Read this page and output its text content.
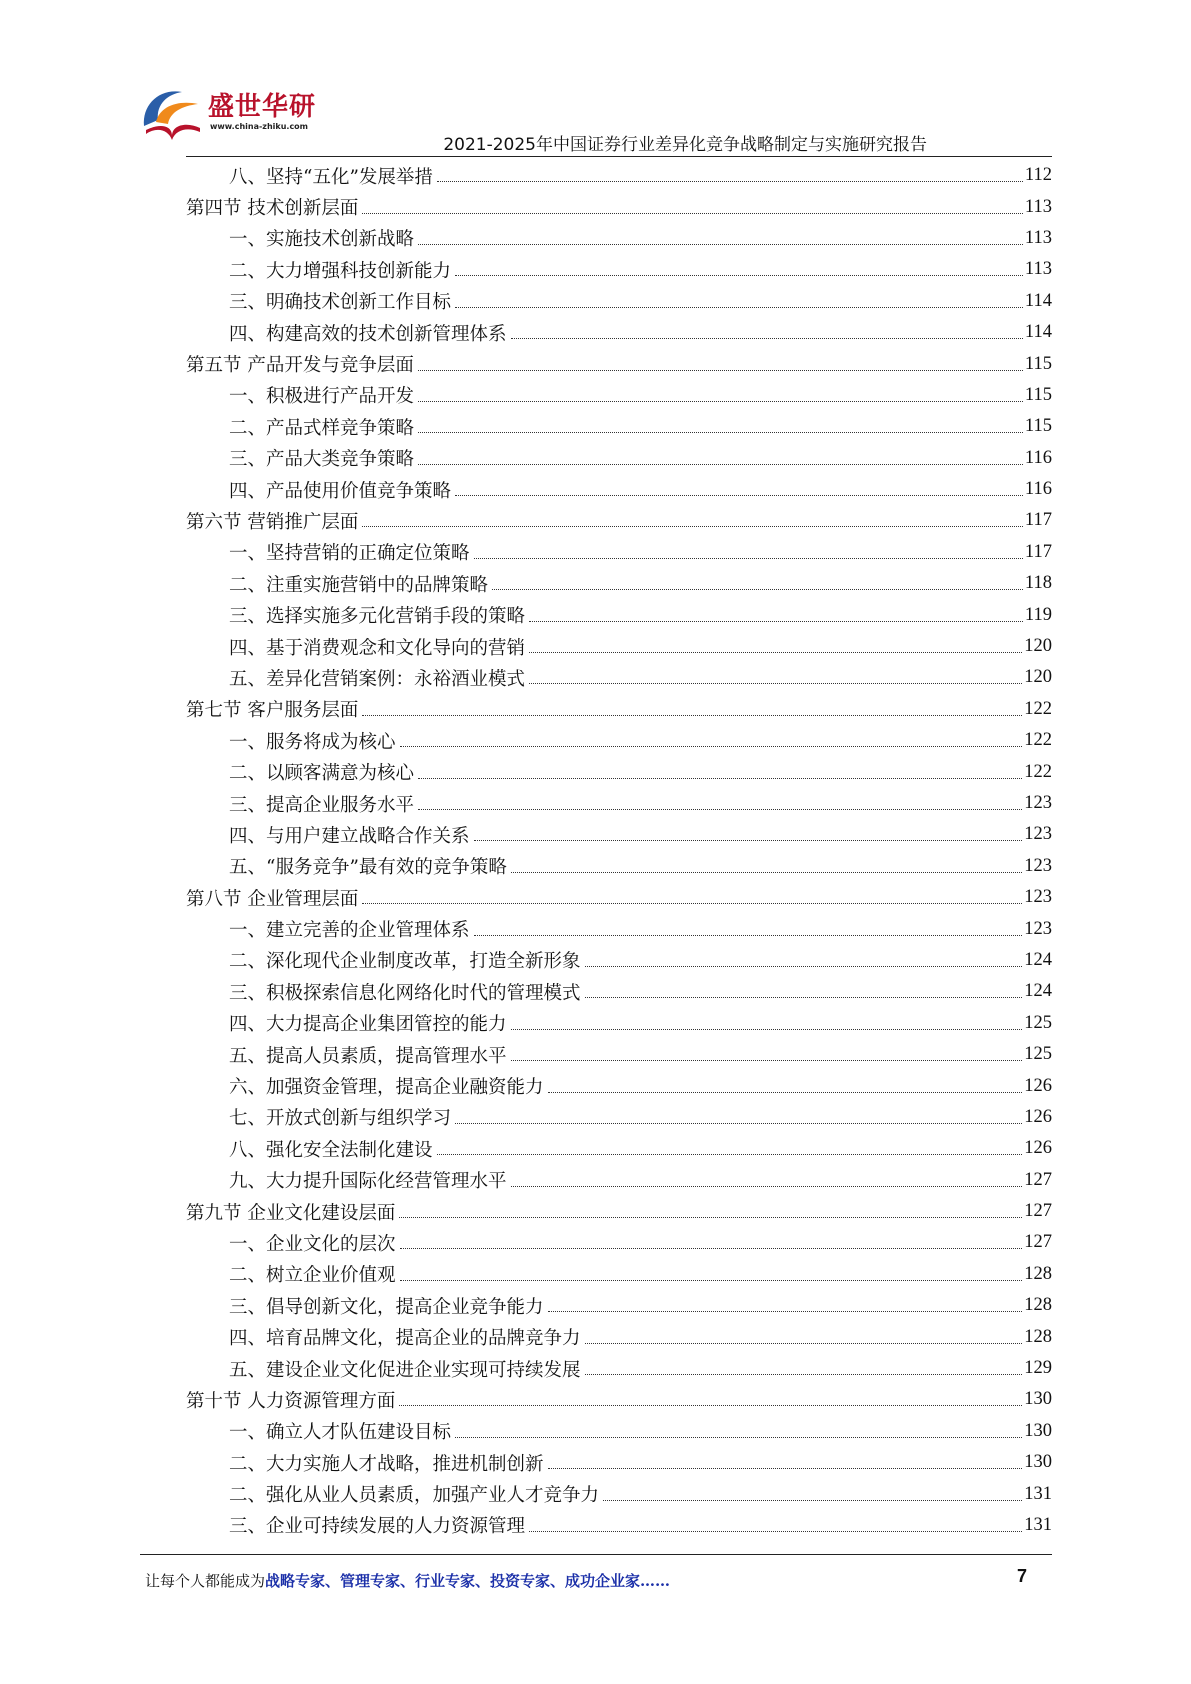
盛世华研
www.china-zhiku.com
2021-2025年中国证券行业差异化竞争战略制定与实施研究报告
八、坚持“五化”发展举措	112
第四节 技术创新层面	113
一、实施技术创新战略	113
二、大力增强科技创新能力	113
三、明确技术创新工作目标	114
四、构建高效的技术创新管理体系	114
第五节 产品开发与竞争层面	115
一、积极进行产品开发	115
二、产品式样竞争策略	115
三、产品大类竞争策略	116
四、产品使用价值竞争策略	116
第六节 营销推广层面	117
一、坚持营销的正确定位策略	117
二、注重实施营销中的品牌策略	118
三、选择实施多元化营销手段的策略	119
四、基于消费观念和文化导向的营销	120
五、差异化营销案例：永裕酒业模式	120
第七节 客户服务层面	122
一、服务将成为核心	122
二、以顾客满意为核心	122
三、提高企业服务水平	123
四、与用户建立战略合作关系	123
五、“服务竞争”最有效的竞争策略	123
第八节 企业管理层面	123
一、建立完善的企业管理体系	123
二、深化现代企业制度改革，打造全新形象	124
三、积极探索信息化网络化时代的管理模式	124
四、大力提高企业集团管控的能力	125
五、提高人员素质，提高管理水平	125
六、加强资金管理，提高企业融资能力	126
七、开放式创新与组织学习	126
八、强化安全法制化建设	126
九、大力提升国际化经营管理水平	127
第九节 企业文化建设层面	127
一、企业文化的层次	127
二、树立企业价值观	128
三、倡导创新文化，提高企业竞争能力	128
四、培育品牌文化，提高企业的品牌竞争力	128
五、建设企业文化促进企业实现可持续发展	129
第十节 人力资源管理方面	130
一、确立人才队伍建设目标	130
二、大力实施人才战略，推进机制创新	130
二、强化从业人员素质，加强产业人才竞争力	131
三、企业可持续发展的人力资源管理	131
让每个人都能成为战略专家、管理专家、行业专家、投资专家、成功企业家……	7
